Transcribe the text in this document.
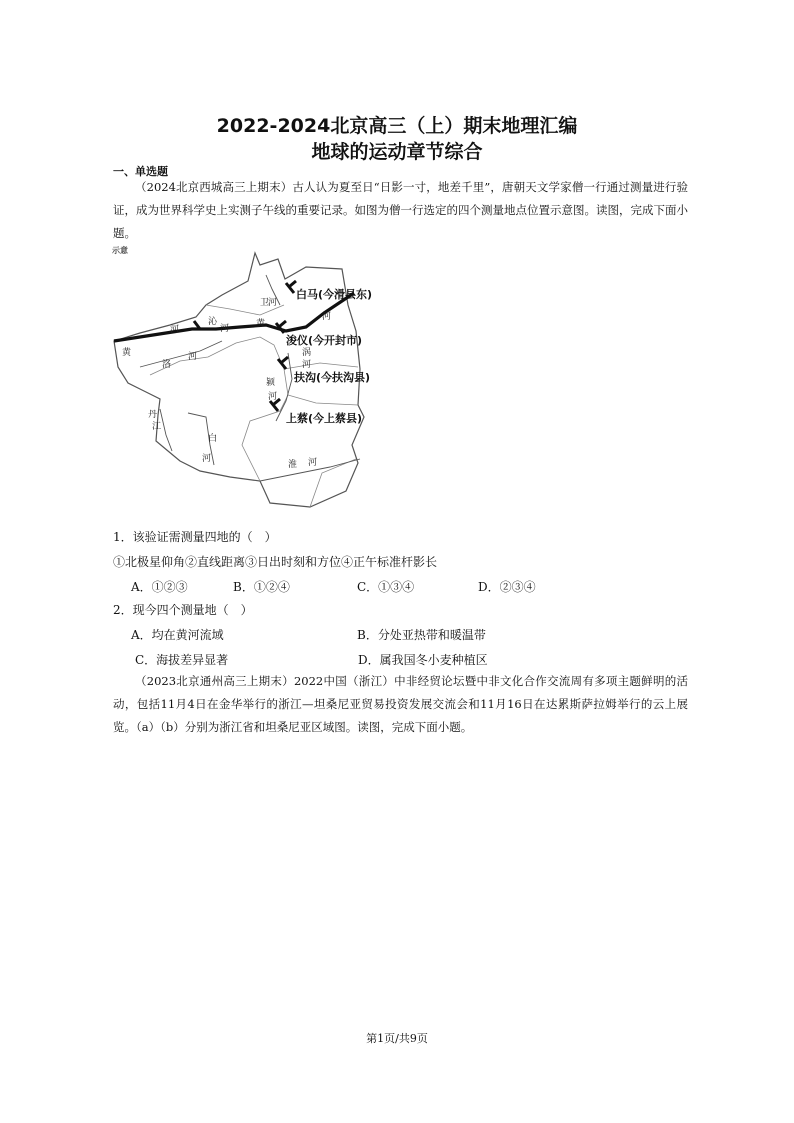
2022-2024北京高三（上）期末地理汇编
地球的运动章节综合
一、单选题

（2024北京西城高三上期末）古人认为夏至日“日影一寸，地差千里”，唐朝天文学家僧一行通过测量进行验证，成为世界科学史上实测子午线的重要记录。如图为僧一行选定的四个测量地点位置示意图。读图，完成下面小题。

白马(今滑县东)
浚仪(今开封市)
扶沟(今扶沟县)
上蔡(今上蔡县)
示意
卫
河
河
沁
河	黄
河
黄
洛
河	涡
河
颍
河
丹
江
白
河
淮 河
1．该验证需测量四地的（　）
①北极星仰角②直线距离③日出时刻和方位④正午标准杆影长
A．①②③	B．①②④	C．①③④	D．②③④
2．现今四个测量地（　）
A．均在黄河流域	B．分处亚热带和暖温带
C．海拔差异显著	D．属我国冬小麦种植区

（2023北京通州高三上期末）2022中国（浙江）中非经贸论坛暨中非文化合作交流周有多项主题鲜明的活动，包括11月4日在金华举行的浙江—坦桑尼亚贸易投资发展交流会和11月16日在达累斯萨拉姆举行的云上展览。（a）（b）分别为浙江省和坦桑尼亚区域图。读图，完成下面小题。

第1页/共9页
